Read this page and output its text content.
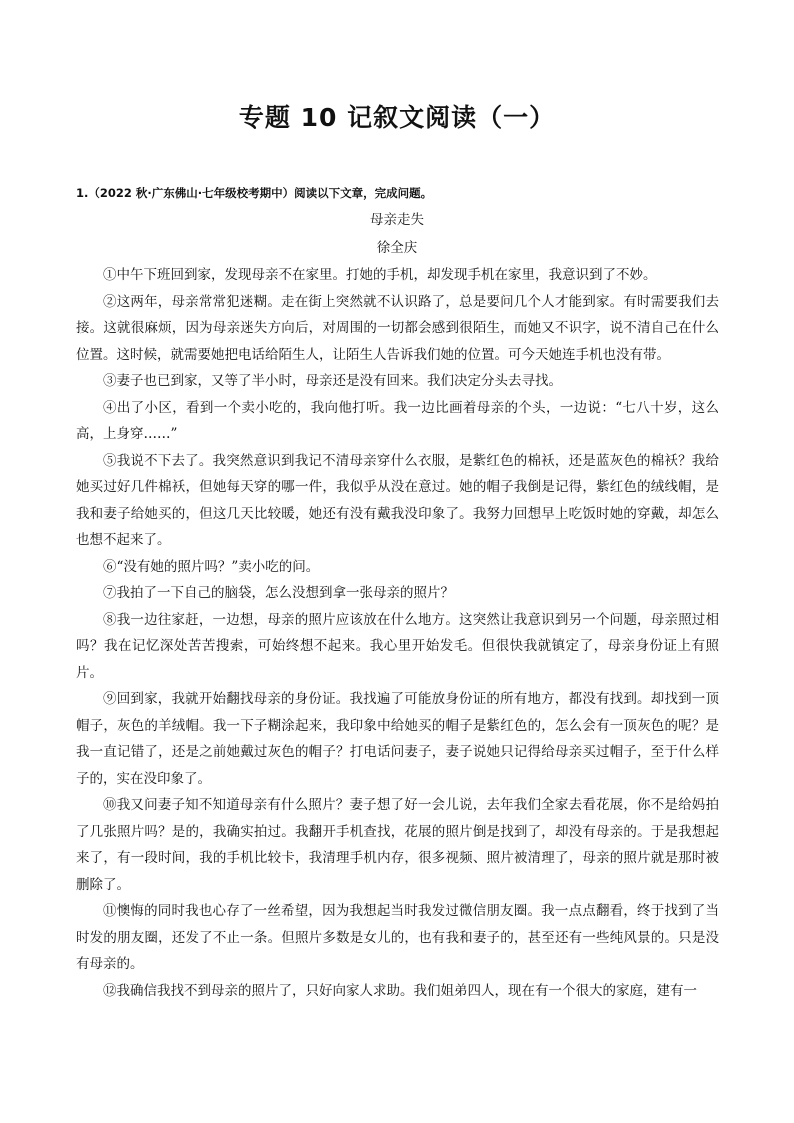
专题 10 记叙文阅读（一）
1.（2022 秋·广东佛山·七年级校考期中）阅读以下文章，完成问题。
母亲走失
徐全庆

①中午下班回到家，发现母亲不在家里。打她的手机，却发现手机在家里，我意识到了不妙。

②这两年，母亲常常犯迷糊。走在街上突然就不认识路了，总是要问几个人才能到家。有时需要我们去接。这就很麻烦，因为母亲迷失方向后，对周围的一切都会感到很陌生，而她又不识字，说不清自己在什么位置。这时候，就需要她把电话给陌生人，让陌生人告诉我们她的位置。可今天她连手机也没有带。

③妻子也已到家，又等了半小时，母亲还是没有回来。我们决定分头去寻找。

④出了小区，看到一个卖小吃的，我向他打听。我一边比画着母亲的个头，一边说：“七八十岁，这么高，上身穿……”

⑤我说不下去了。我突然意识到我记不清母亲穿什么衣服，是紫红色的棉袄，还是蓝灰色的棉袄？我给她买过好几件棉袄，但她每天穿的哪一件，我似乎从没在意过。她的帽子我倒是记得，紫红色的绒线帽，是我和妻子给她买的，但这几天比较暖，她还有没有戴我没印象了。我努力回想早上吃饭时她的穿戴，却怎么也想不起来了。

⑥“没有她的照片吗？”卖小吃的问。

⑦我拍了一下自己的脑袋，怎么没想到拿一张母亲的照片？

⑧我一边往家赶，一边想，母亲的照片应该放在什么地方。这突然让我意识到另一个问题，母亲照过相吗？我在记忆深处苦苦搜索，可始终想不起来。我心里开始发毛。但很快我就镇定了，母亲身份证上有照片。

⑨回到家，我就开始翻找母亲的身份证。我找遍了可能放身份证的所有地方，都没有找到。却找到一顶帽子，灰色的羊绒帽。我一下子糊涂起来，我印象中给她买的帽子是紫红色的，怎么会有一顶灰色的呢？是我一直记错了，还是之前她戴过灰色的帽子？打电话问妻子，妻子说她只记得给母亲买过帽子，至于什么样子的，实在没印象了。

⑩我又问妻子知不知道母亲有什么照片？妻子想了好一会儿说，去年我们全家去看花展，你不是给妈拍了几张照片吗？是的，我确实拍过。我翻开手机查找，花展的照片倒是找到了，却没有母亲的。于是我想起来了，有一段时间，我的手机比较卡，我清理手机内存，很多视频、照片被清理了，母亲的照片就是那时被删除了。

⑪懊悔的同时我也心存了一丝希望，因为我想起当时我发过微信朋友圈。我一点点翻看，终于找到了当时发的朋友圈，还发了不止一条。但照片多数是女儿的，也有我和妻子的，甚至还有一些纯风景的。只是没有母亲的。

⑫我确信我找不到母亲的照片了，只好向家人求助。我们姐弟四人，现在有一个很大的家庭，建有一
